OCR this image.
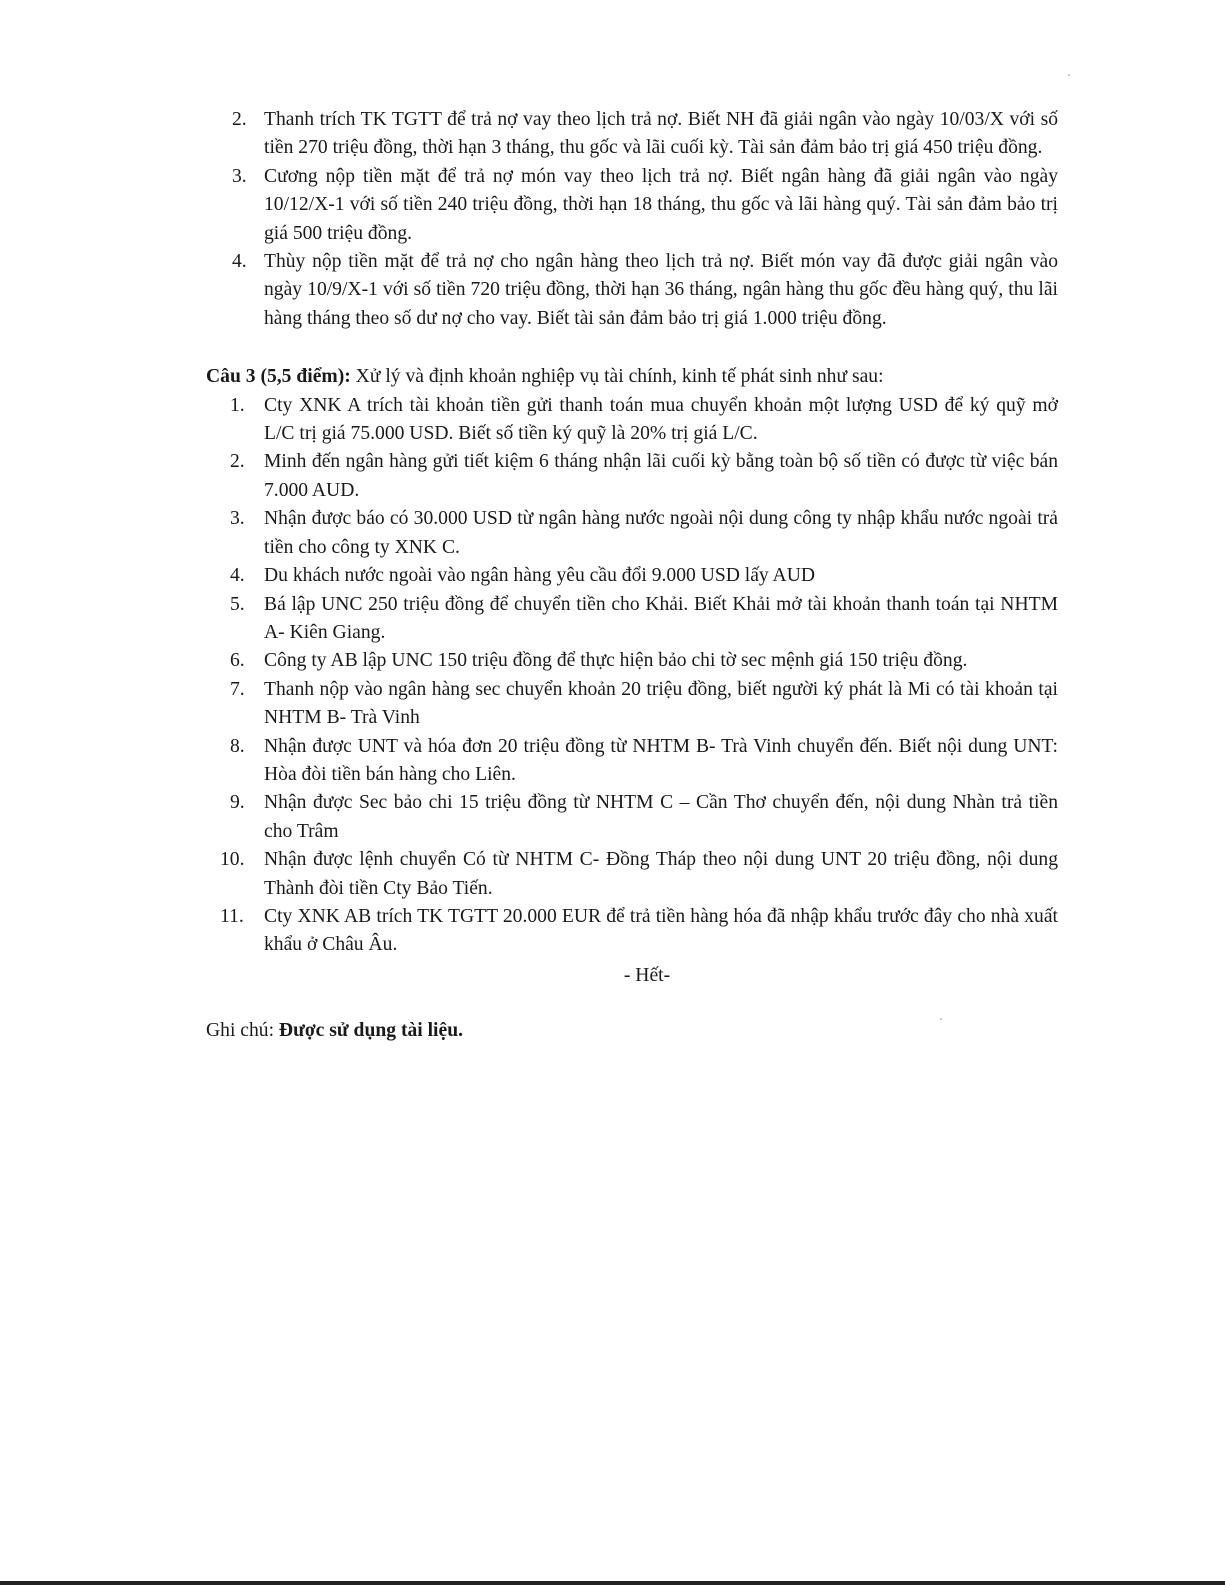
2. Thanh trích TK TGTT để trả nợ vay theo lịch trả nợ. Biết NH đã giải ngân vào ngày 10/03/X với số tiền 270 triệu đồng, thời hạn 3 tháng, thu gốc và lãi cuối kỳ. Tài sản đảm bảo trị giá 450 triệu đồng.
3. Cương nộp tiền mặt để trả nợ món vay theo lịch trả nợ. Biết ngân hàng đã giải ngân vào ngày 10/12/X-1 với số tiền 240 triệu đồng, thời hạn 18 tháng, thu gốc và lãi hàng quý. Tài sản đảm bảo trị giá 500 triệu đồng.
4. Thùy nộp tiền mặt để trả nợ cho ngân hàng theo lịch trả nợ. Biết món vay đã được giải ngân vào ngày 10/9/X-1 với số tiền 720 triệu đồng, thời hạn 36 tháng, ngân hàng thu gốc đều hàng quý, thu lãi hàng tháng theo số dư nợ cho vay. Biết tài sản đảm bảo trị giá 1.000 triệu đồng.
Câu 3 (5,5 điểm): Xử lý và định khoản nghiệp vụ tài chính, kinh tế phát sinh như sau:
1. Cty XNK A trích tài khoản tiền gửi thanh toán mua chuyển khoản một lượng USD để ký quỹ mở L/C trị giá 75.000 USD. Biết số tiền ký quỹ là 20% trị giá L/C.
2. Minh đến ngân hàng gửi tiết kiệm 6 tháng nhận lãi cuối kỳ bằng toàn bộ số tiền có được từ việc bán 7.000 AUD.
3. Nhận được báo có 30.000 USD từ ngân hàng nước ngoài nội dung công ty nhập khẩu nước ngoài trả tiền cho công ty XNK C.
4. Du khách nước ngoài vào ngân hàng yêu cầu đổi 9.000 USD lấy AUD
5. Bá lập UNC 250 triệu đồng để chuyển tiền cho Khải. Biết Khải mở tài khoản thanh toán tại NHTM A- Kiên Giang.
6. Công ty AB lập UNC 150 triệu đồng để thực hiện bảo chi tờ sec mệnh giá 150 triệu đồng.
7. Thanh nộp vào ngân hàng sec chuyển khoản 20 triệu đồng, biết người ký phát là Mi có tài khoản tại NHTM B- Trà Vinh
8. Nhận được UNT và hóa đơn 20 triệu đồng từ NHTM B- Trà Vinh chuyển đến. Biết nội dung UNT: Hòa đòi tiền bán hàng cho Liên.
9. Nhận được Sec bảo chi 15 triệu đồng từ NHTM C – Cần Thơ chuyển đến, nội dung Nhàn trả tiền cho Trâm
10. Nhận được lệnh chuyển Có từ NHTM C- Đồng Tháp theo nội dung UNT 20 triệu đồng, nội dung Thành đòi tiền Cty Bảo Tiến.
11. Cty XNK AB trích TK TGTT 20.000 EUR để trả tiền hàng hóa đã nhập khẩu trước đây cho nhà xuất khẩu ở Châu Âu.
- Hết-
Ghi chú: Được sử dụng tài liệu.
